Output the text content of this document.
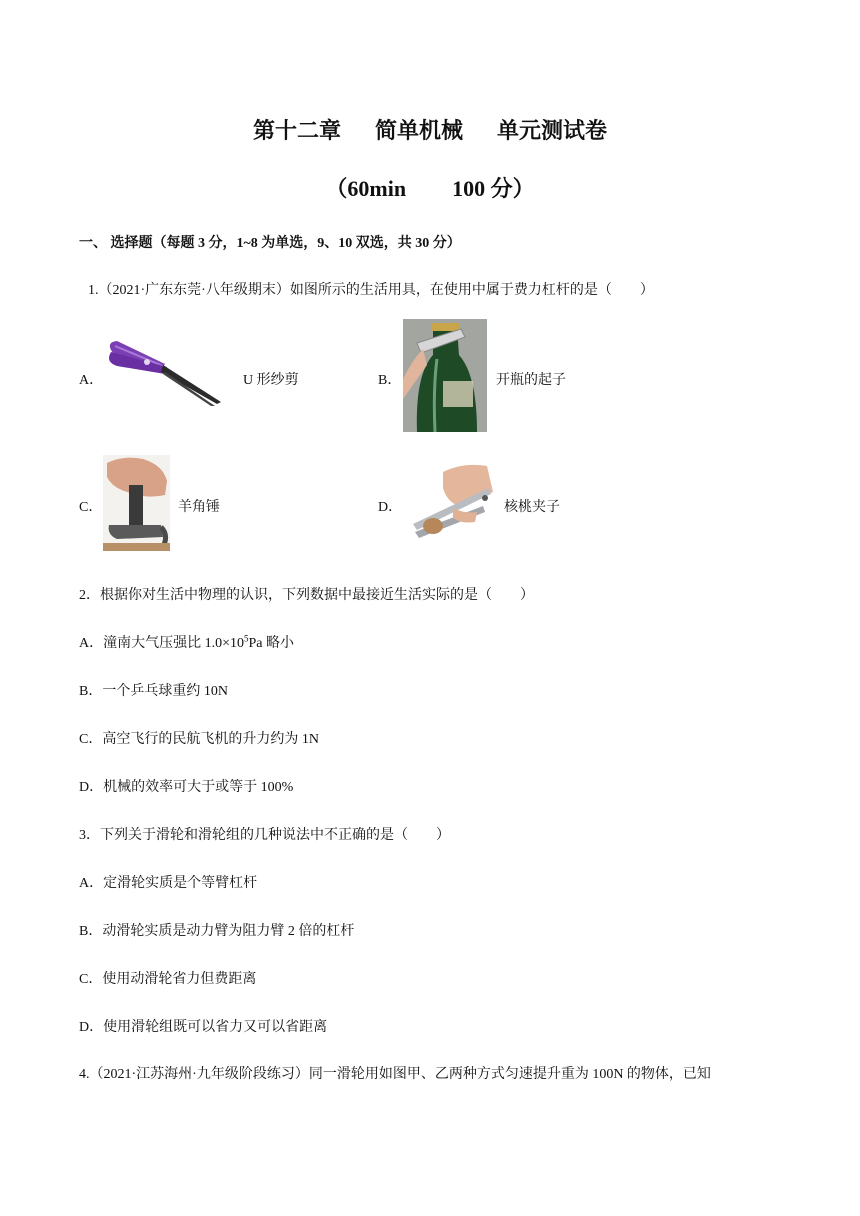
第十二章 简单机械 单元测试卷
（60min 100 分）
一、 选择题（每题 3 分，1~8 为单选，9、10 双选，共 30 分）
1.（2021·广东东莞·八年级期末）如图所示的生活用具，在使用中属于费力杠杆的是（　　）
A．	U 形纱剪	B．	开瓶的起子
C．	羊角锤	D．	核桃夹子
2．根据你对生活中物理的认识，下列数据中最接近生活实际的是（　　）
A．潼南大气压强比 $1.0\times 10^5Pa$ 略小
B．一个乒乓球重约 10N
C．高空飞行的民航飞机的升力约为 1N
D．机械的效率可大于或等于 100%
3．下列关于滑轮和滑轮组的几种说法中不正确的是（　　）
A．定滑轮实质是个等臂杠杆
B．动滑轮实质是动力臂为阻力臂 2 倍的杠杆
C．使用动滑轮省力但费距离
D．使用滑轮组既可以省力又可以省距离
4.（2021·江苏海州·九年级阶段练习）同一滑轮用如图甲、乙两种方式匀速提升重为 100N 的物体，已知
